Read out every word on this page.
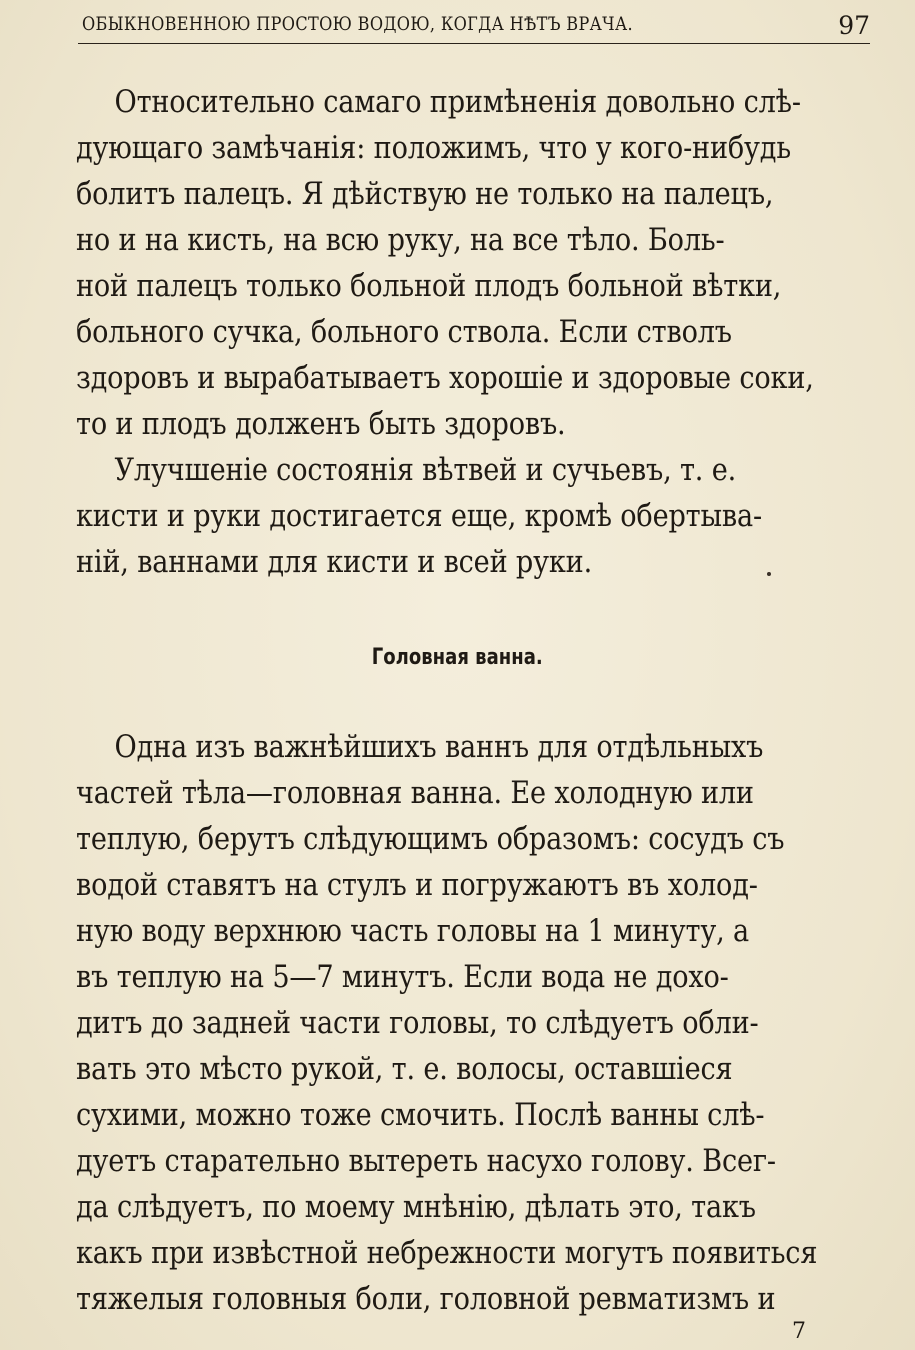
ОБЫКНОВЕННОЮ ПРОСТОЮ ВОДОЮ, КОГДА НѢТЪ ВРАЧА.	97
Относительно самаго примѣненія довольно слѣ-
дующаго замѣчанія: положимъ, что у кого-нибудь
болитъ палецъ. Я дѣйствую не только на палецъ,
но и на кисть, на всю руку, на все тѣло. Боль-
ной палецъ только больной плодъ больной вѣтки,
больного сучка, больного ствола. Если стволъ
здоровъ и вырабатываетъ хорошіе и здоровые соки,
то и плодъ долженъ быть здоровъ.
Улучшеніе состоянія вѣтвей и сучьевъ, т. е.
кисти и руки достигается еще, кромѣ обертыва-
ній, ваннами для кисти и всей руки.
Головная ванна.
Одна изъ важнѣйшихъ ваннъ для отдѣльныхъ
частей тѣла—головная ванна. Ее холодную или
теплую, берутъ слѣдующимъ образомъ: сосудъ съ
водой ставятъ на стулъ и погружаютъ въ холод-
ную воду верхнюю часть головы на 1 минуту, а
въ теплую на 5—7 минутъ. Если вода не дохо-
дитъ до задней части головы, то слѣдуетъ обли-
вать это мѣсто рукой, т. е. волосы, оставшіеся
сухими, можно тоже смочить. Послѣ ванны слѣ-
дуетъ старательно вытереть насухо голову. Всег-
да слѣдуетъ, по моему мнѣнію, дѣлать это, такъ
какъ при извѣстной небрежности могутъ появиться
тяжелыя головныя боли, головной ревматизмъ и
7
